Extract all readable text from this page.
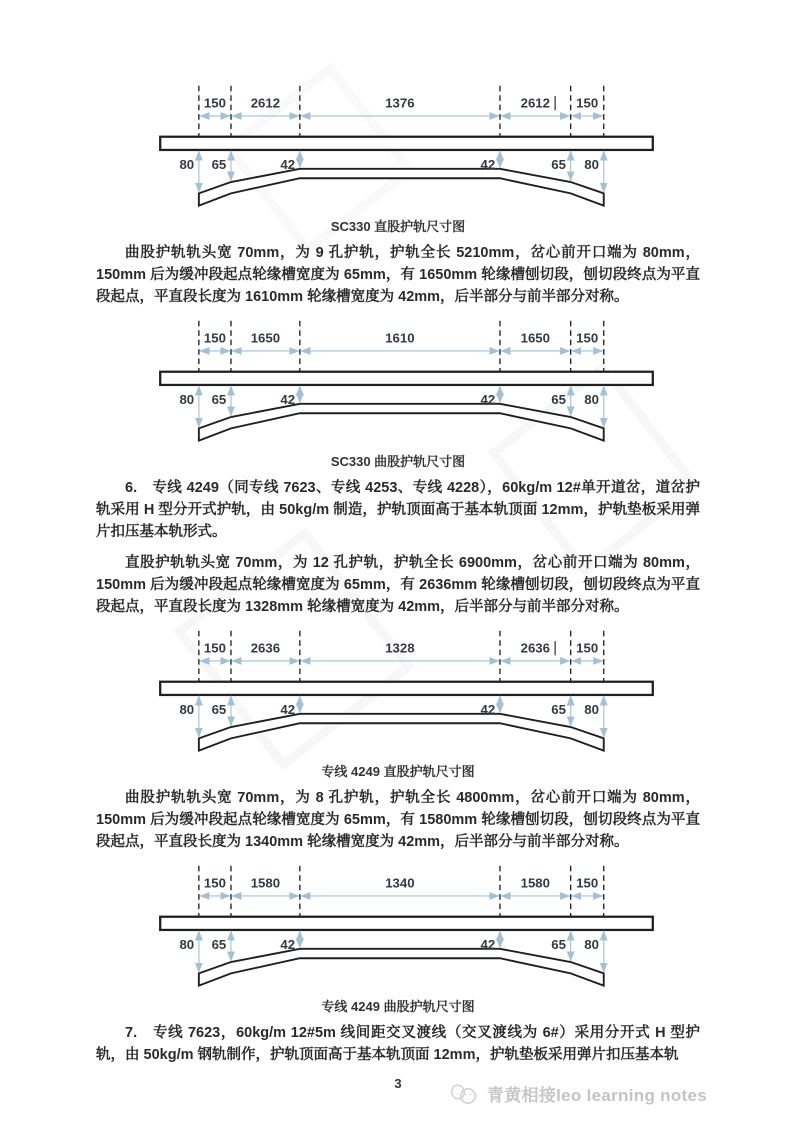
150 2612	1376	2612 150
80 65	42	42	65 80
SC330 直股护轨尺寸图

曲股护轨轨头宽 70mm，为 9 孔护轨，护轨全长 5210mm，岔心前开口端为 80mm，150mm 后为缓冲段起点轮缘槽宽度为 65mm，有 1650mm 轮缘槽刨切段，刨切段终点为平直段起点，平直段长度为 1610mm 轮缘槽宽度为 42mm，后半部分与前半部分对称。

150 1650	1610	1650 150
80 65	42	42	65 80
SC330 曲股护轨尺寸图

6.　专线 4249（同专线 7623、专线 4253、专线 4228），60kg/m 12#单开道岔，道岔护轨采用 H 型分开式护轨，由 50kg/m 制造，护轨顶面高于基本轨顶面 12mm，护轨垫板采用弹片扣压基本轨形式。

直股护轨轨头宽 70mm，为 12 孔护轨，护轨全长 6900mm，岔心前开口端为 80mm，150mm 后为缓冲段起点轮缘槽宽度为 65mm，有 2636mm 轮缘槽刨切段，刨切段终点为平直段起点，平直段长度为 1328mm 轮缘槽宽度为 42mm，后半部分与前半部分对称。

150 2636	1328	2636 150
80 65	42	42	65 80
专线 4249 直股护轨尺寸图

曲股护轨轨头宽 70mm，为 8 孔护轨，护轨全长 4800mm，岔心前开口端为 80mm，150mm 后为缓冲段起点轮缘槽宽度为 65mm，有 1580mm 轮缘槽刨切段，刨切段终点为平直段起点，平直段长度为 1340mm 轮缘槽宽度为 42mm，后半部分与前半部分对称。

150 1580	1340	1580 150
80 65	42	42	65 80
专线 4249 曲股护轨尺寸图

7.　专线 7623，60kg/m 12#5m 线间距交叉渡线（交叉渡线为 6#）采用分开式 H 型护轨，由 50kg/m 钢轨制作，护轨顶面高于基本轨顶面 12mm，护轨垫板采用弹片扣压基本轨

3
青黄相接leo learning notes
